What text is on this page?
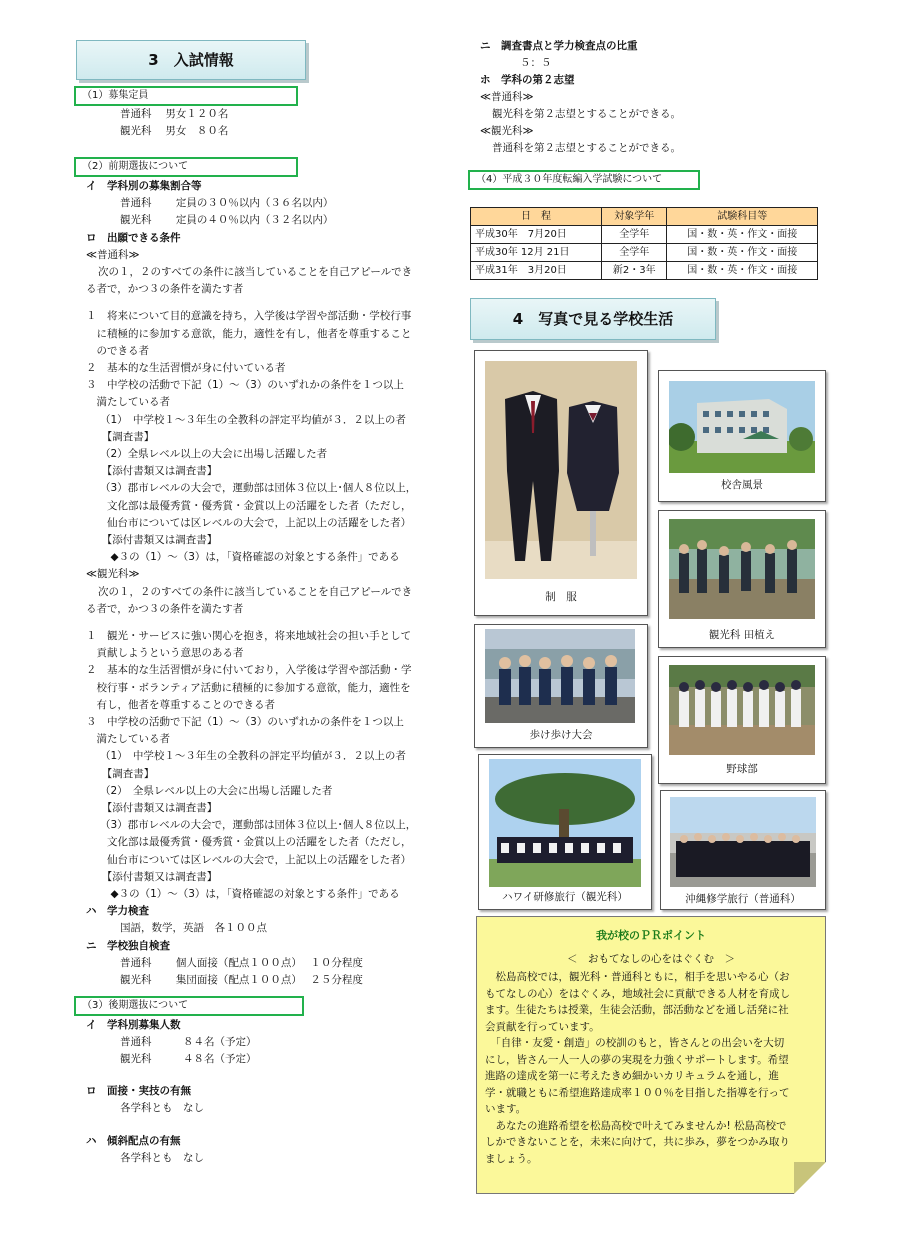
3　入試情報
（1）募集定員
普通科　 男女１２０名
観光科　 男女　８０名
（2）前期選抜について
イ　学科別の募集割合等
普通科　　 定員の３０％以内（３６名以内）
観光科　　 定員の４０％以内（３２名以内）
ロ　出願できる条件
≪普通科≫
次の１，２のすべての条件に該当していることを自己アピールでき
る者で，かつ３の条件を満たす者
１　将来について目的意識を持ち，入学後は学習や部活動・学校行事
　に積極的に参加する意欲，能力，適性を有し，他者を尊重すること
　のできる者
２　基本的な生活習慣が身に付いている者
３　中学校の活動で下記（1）～（3）のいずれかの条件を１つ以上
　満たしている者
（1）　中学校１～３年生の全教科の評定平均値が３．２以上の者
　　【調査書】
（2）全県レベル以上の大会に出場し活躍した者
　　【添付書類又は調査書】
（3）郡市レベルの大会で，運動部は団体３位以上･個人８位以上，
　　文化部は最優秀賞・優秀賞・金賞以上の活躍をした者（ただし，
　　仙台市については区レベルの大会で，上記以上の活躍をした者）
　　【添付書類又は調査書】
　◆３の（1）～（3）は，「資格確認の対象とする条件」である
≪観光科≫
次の１，２のすべての条件に該当していることを自己アピールでき
る者で，かつ３の条件を満たす者
１　観光・サービスに強い関心を抱き，将来地域社会の担い手として
　貢献しようという意思のある者
２　基本的な生活習慣が身に付いており，入学後は学習や部活動・学
　校行事・ボランティア活動に積極的に参加する意欲，能力，適性を
　有し，他者を尊重することのできる者
３　中学校の活動で下記（1）～（3）のいずれかの条件を１つ以上
　満たしている者
（1）　中学校１～３年生の全教科の評定平均値が３．２以上の者
　　【調査書】
（2）　全県レベル以上の大会に出場し活躍した者
　　【添付書類又は調査書】
（3）郡市レベルの大会で，運動部は団体３位以上･個人８位以上，
　　文化部は最優秀賞・優秀賞・金賞以上の活躍をした者（ただし，
　　仙台市については区レベルの大会で，上記以上の活躍をした者）
　　【添付書類又は調査書】
　◆３の（1）～（3）は，「資格確認の対象とする条件」である
ハ　学力検査
国語，数学，英語　各１００点
ニ　学校独自検査
普通科　　 個人面接（配点１００点）　 １０分程度
観光科　　 集団面接（配点１００点）　 ２５分程度
（3）後期選抜について
イ　学科別募集人数
普通科　　　８４名（予定）
観光科　　　４８名（予定）
ロ　面接・実技の有無
各学科とも　なし
ハ　傾斜配点の有無
各学科とも　なし
ニ　調査書点と学力検査点の比重
５：５
ホ　学科の第２志望
≪普通科≫
観光科を第２志望とすることができる。
≪観光科≫
普通科を第２志望とすることができる。
（4）平成３０年度転編入学試験について
日　程	対象学年	試験科目等
平成30年　7月20日	全学年	国・数・英・作文・面接
平成30年 12月 21日	全学年	国・数・英・作文・面接
平成31年　3月20日	新2・3年	国・数・英・作文・面接
4　写真で見る学校生活
制　服
校舎風景
観光科 田植え
歩け歩け大会
野球部
ハワイ研修旅行（観光科）	沖縄修学旅行（普通科）
我が校のＰＲポイント
＜　おもてなしの心をはぐくむ　＞
　松島高校では，観光科・普通科ともに，相手を思いやる心（お
もてなしの心）をはぐくみ，地域社会に貢献できる人材を育成し
ます。生徒たちは授業，生徒会活動，部活動などを通し活発に社
会貢献を行っています。
　「自律・友愛・創造」の校訓のもと，皆さんとの出会いを大切
にし，皆さん一人一人の夢の実現を力強くサポートします。希望
進路の達成を第一に考えたきめ細かいカリキュラムを通し，進
学・就職ともに希望進路達成率１００％を目指した指導を行って
います。
　あなたの進路希望を松島高校で叶えてみませんか! 松島高校で
しかできないことを，未来に向けて，共に歩み，夢をつかみ取り
ましょう。
